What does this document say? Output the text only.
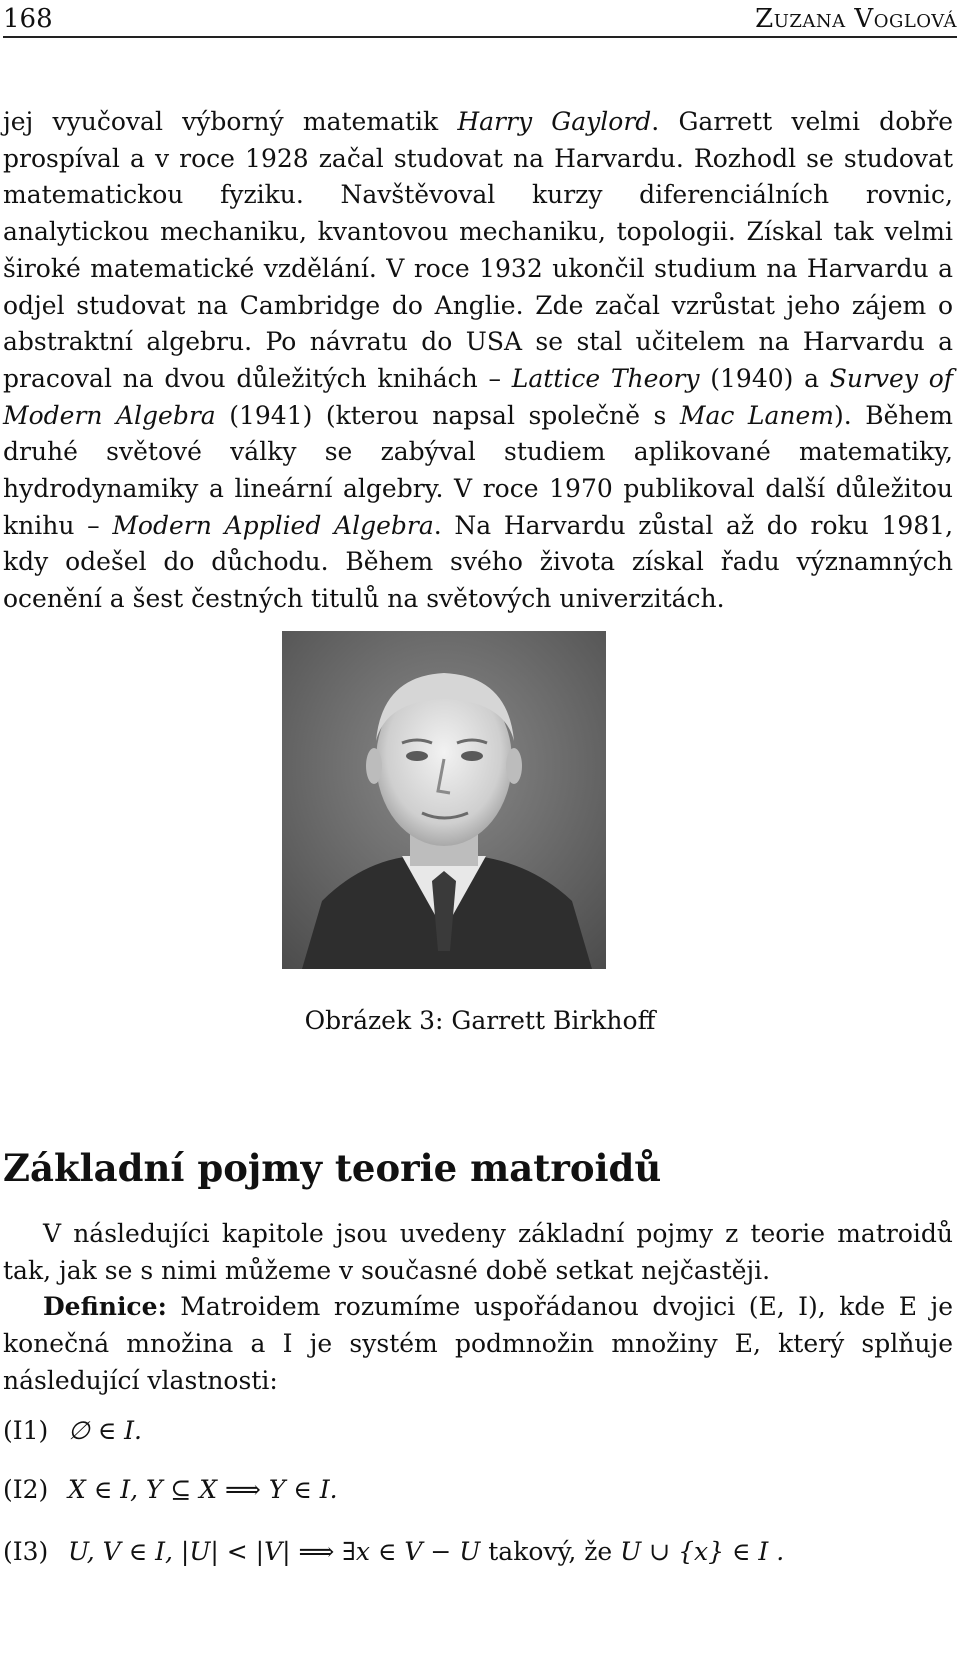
168	Zuzana Voglová

jej vyučoval výborný matematik Harry Gaylord. Garrett velmi dobře prospíval a v roce 1928 začal studovat na Harvardu. Rozhodl se studovat matematickou fyziku. Navštěvoval kurzy diferenciálních rovnic, analytickou mechaniku, kvantovou mechaniku, topologii. Získal tak velmi široké matematické vzdělání. V roce 1932 ukončil studium na Harvardu a odjel studovat na Cambridge do Anglie. Zde začal vzrůstat jeho zájem o abstraktní algebru. Po návratu do USA se stal učitelem na Harvardu a pracoval na dvou důležitých knihách – Lattice Theory (1940) a Survey of Modern Algebra (1941) (kterou napsal společně s Mac Lanem). Během druhé světové války se zabýval studiem aplikované matematiky, hydrodynamiky a lineární algebry. V roce 1970 publikoval další důležitou knihu – Modern Applied Algebra. Na Harvardu zůstal až do roku 1981, kdy odešel do důchodu. Během svého života získal řadu významných ocenění a šest čestných titulů na světových univerzitách.

Obrázek 3: Garrett Birkhoff
Základní pojmy teorie matroidů

V následujíci kapitole jsou uvedeny základní pojmy z teorie matroidů tak, jak se s nimi můžeme v současné době setkat nejčastěji.

Definice: Matroidem rozumíme uspořádanou dvojici (E, I), kde E je konečná množina a I je systém podmnožin množiny E, který splňuje následující vlastnosti:

(I1) ∅ ∈ I.
(I2) X ∈ I, Y ⊆ X ⟹ Y ∈ I.
(I3) U, V ∈ I, |U| < |V| ⟹ ∃x ∈ V − U takový, že U ∪ {x} ∈ I .
